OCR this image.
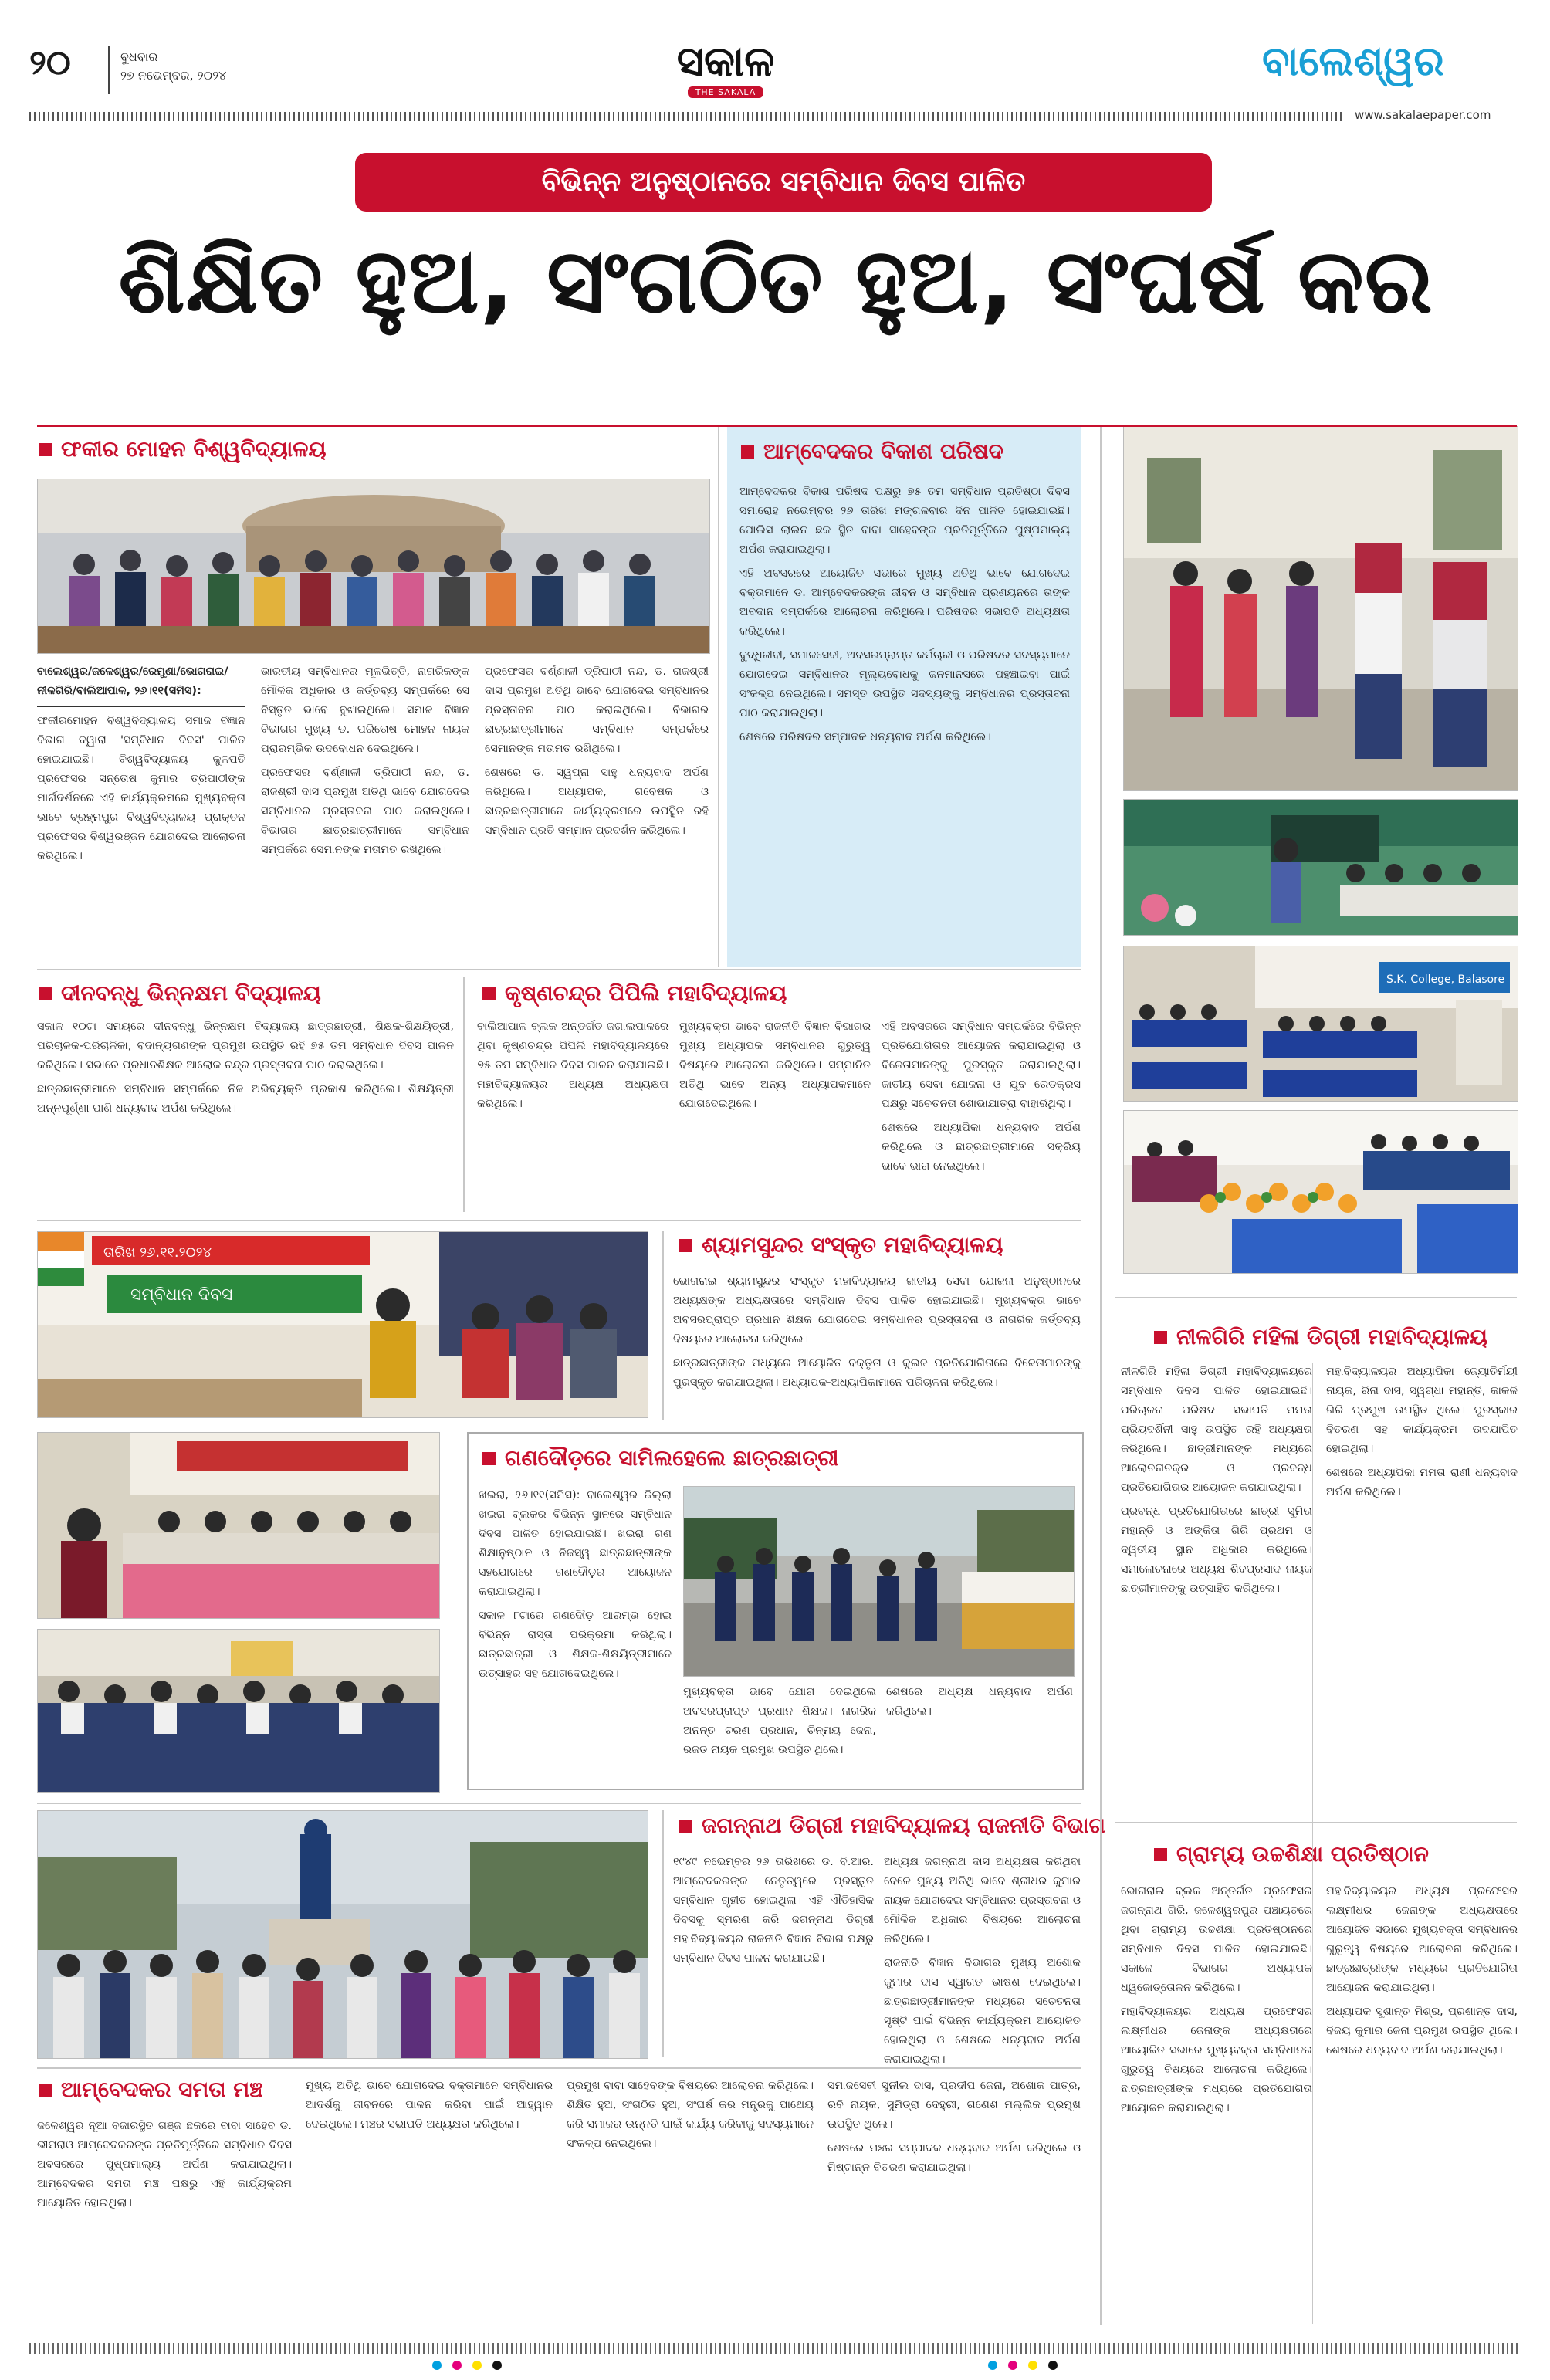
୨୦	ବୁଧବାର
୨୭ ନଭେମ୍ବର, ୨୦୨୪	ସକାଳ
THE SAKALA
ବାଲେଶ୍ୱର
www.sakalaepaper.com
ବିଭିନ୍ନ ଅନୁଷ୍ଠାନରେ ସମ୍ବିଧାନ ଦିବସ ପାଳିତ
ଶିକ୍ଷିତ ହୁଅ, ସଂଗଠିତ ହୁଅ, ସଂଘର୍ଷ କର
ଫକୀର ମୋହନ ବିଶ୍ୱବିଦ୍ୟାଳୟ

ବାଲେଶ୍ୱର/ଜଳେଶ୍ୱର/ରେମୁଣା/ଭୋଗରାଇ/ନୀଳଗିରି/ବାଲିଆପାଳ, ୨୬।୧୧(ସମିସ):

ଫକୀରମୋହନ ବିଶ୍ୱବିଦ୍ୟାଳୟ ସମାଜ ବିଜ୍ଞାନ ବିଭାଗ ଦ୍ୱାରା 'ସମ୍ବିଧାନ ଦିବସ' ପାଳିତ ହୋଇଯାଇଛି। ବିଶ୍ୱବିଦ୍ୟାଳୟ କୁଳପତି ପ୍ରଫେସର ସନ୍ତୋଷ କୁମାର ତ୍ରିପାଠୀଙ୍କ ମାର୍ଗଦର୍ଶନରେ ଏହି କାର୍ଯ୍ୟକ୍ରମରେ ମୁଖ୍ୟବକ୍ତା ଭାବେ ବ୍ରହ୍ମପୁର ବିଶ୍ୱବିଦ୍ୟାଳୟ ପ୍ରାକ୍ତନ ପ୍ରଫେସର ବିଶ୍ୱରଞ୍ଜନ ଯୋଗଦେଇ ଆଲୋଚନା କରିଥିଲେ।

ଭାରତୀୟ ସମ୍ବିଧାନର ମୂଳଭିତ୍ତି, ନାଗରିକଙ୍କ ମୌଳିକ ଅଧିକାର ଓ କର୍ତ୍ତବ୍ୟ ସମ୍ପର୍କରେ ସେ ବିସ୍ତୃତ ଭାବେ ବୁଝାଇଥିଲେ। ସମାଜ ବିଜ୍ଞାନ ବିଭାଗର ମୁଖ୍ୟ ଡ. ପରିତୋଷ ମୋହନ ନାୟକ ପ୍ରାରମ୍ଭିକ ଉଦବୋଧନ ଦେଇଥିଲେ।

ପ୍ରଫେସର ବର୍ଣ୍ଣାଳୀ ତ୍ରିପାଠୀ ନନ୍ଦ, ଡ. ରାଜଶ୍ରୀ ଦାସ ପ୍ରମୁଖ ଅତିଥି ଭାବେ ଯୋଗଦେଇ ସମ୍ବିଧାନର ପ୍ରସ୍ତାବନା ପାଠ କରାଇଥିଲେ। ବିଭାଗର ଛାତ୍ରଛାତ୍ରୀମାନେ ସମ୍ବିଧାନ ସମ୍ପର୍କରେ ସେମାନଙ୍କ ମତାମତ ରଖିଥିଲେ।

ପ୍ରଫେସର ବର୍ଣ୍ଣାଳୀ ତ୍ରିପାଠୀ ନନ୍ଦ, ଡ. ରାଜଶ୍ରୀ ଦାସ ପ୍ରମୁଖ ଅତିଥି ଭାବେ ଯୋଗଦେଇ ସମ୍ବିଧାନର ପ୍ରସ୍ତାବନା ପାଠ କରାଇଥିଲେ। ବିଭାଗର ଛାତ୍ରଛାତ୍ରୀମାନେ ସମ୍ବିଧାନ ସମ୍ପର୍କରେ ସେମାନଙ୍କ ମତାମତ ରଖିଥିଲେ।

ଶେଷରେ ଡ. ସ୍ୱପ୍ନା ସାହୁ ଧନ୍ୟବାଦ ଅର୍ପଣ କରିଥିଲେ। ଅଧ୍ୟାପକ, ଗବେଷକ ଓ ଛାତ୍ରଛାତ୍ରୀମାନେ କାର୍ଯ୍ୟକ୍ରମରେ ଉପସ୍ଥିତ ରହି ସମ୍ବିଧାନ ପ୍ରତି ସମ୍ମାନ ପ୍ରଦର୍ଶନ କରିଥିଲେ।

ଆମ୍ବେଦକର ବିକାଶ ପରିଷଦ

ଆମ୍ବେଦକର ବିକାଶ ପରିଷଦ ପକ୍ଷରୁ ୭୫ ତମ ସମ୍ବିଧାନ ପ୍ରତିଷ୍ଠା ଦିବସ ସମାରୋହ ନଭେମ୍ବର ୨୬ ତାରିଖ ମଙ୍ଗଳବାର ଦିନ ପାଳିତ ହୋଇଯାଇଛି। ପୋଲିସ ଲାଇନ ଛକ ସ୍ଥିତ ବାବା ସାହେବଙ୍କ ପ୍ରତିମୂର୍ତ୍ତିରେ ପୁଷ୍ପମାଲ୍ୟ ଅର୍ପଣ କରାଯାଇଥିଲା।

ଏହି ଅବସରରେ ଆୟୋଜିତ ସଭାରେ ମୁଖ୍ୟ ଅତିଥି ଭାବେ ଯୋଗଦେଇ ବକ୍ତାମାନେ ଡ. ଆମ୍ବେଦକରଙ୍କ ଜୀବନ ଓ ସମ୍ବିଧାନ ପ୍ରଣୟନରେ ତାଙ୍କ ଅବଦାନ ସମ୍ପର୍କରେ ଆଲୋଚନା କରିଥିଲେ। ପରିଷଦର ସଭାପତି ଅଧ୍ୟକ୍ଷତା କରିଥିଲେ।

ବୁଦ୍ଧିଜୀବୀ, ସମାଜସେବୀ, ଅବସରପ୍ରାପ୍ତ କର୍ମଚାରୀ ଓ ପରିଷଦର ସଦସ୍ୟମାନେ ଯୋଗଦେଇ ସମ୍ବିଧାନର ମୂଲ୍ୟବୋଧକୁ ଜନମାନସରେ ପହଞ୍ଚାଇବା ପାଇଁ ସଂକଳ୍ପ ନେଇଥିଲେ। ସମସ୍ତ ଉପସ୍ଥିତ ସଦସ୍ୟଙ୍କୁ ସମ୍ବିଧାନର ପ୍ରସ୍ତାବନା ପାଠ କରାଯାଇଥିଲା।

ଶେଷରେ ପରିଷଦର ସମ୍ପାଦକ ଧନ୍ୟବାଦ ଅର୍ପଣ କରିଥିଲେ।

S.K. College, Balasore
ଦୀନବନ୍ଧୁ ଭିନ୍ନକ୍ଷମ ବିଦ୍ୟାଳୟ

ସକାଳ ୧୦ଟା ସମୟରେ ଦୀନବନ୍ଧୁ ଭିନ୍ନକ୍ଷମ ବିଦ୍ୟାଳୟ ଛାତ୍ରଛାତ୍ରୀ, ଶିକ୍ଷକ-ଶିକ୍ଷୟିତ୍ରୀ, ପରିଚାଳକ-ପରିଚାଳିକା, ବଦାନ୍ୟଗଣଙ୍କ ପ୍ରମୁଖ ଉପସ୍ଥିତି ରହି ୭୫ ତମ ସମ୍ବିଧାନ ଦିବସ ପାଳନ କରିଥିଲେ। ସଭାରେ ପ୍ରଧାନଶିକ୍ଷକ ଆଲୋକ ଚନ୍ଦ୍ର ପ୍ରସ୍ତାବନା ପାଠ କରାଇଥିଲେ।

ଛାତ୍ରଛାତ୍ରୀମାନେ ସମ୍ବିଧାନ ସମ୍ପର୍କରେ ନିଜ ଅଭିବ୍ୟକ୍ତି ପ୍ରକାଶ କରିଥିଲେ। ଶିକ୍ଷୟିତ୍ରୀ ଅନ୍ନପୂର୍ଣ୍ଣା ପାଣି ଧନ୍ୟବାଦ ଅର୍ପଣ କରିଥିଲେ।

କୃଷ୍ଣଚନ୍ଦ୍ର ପିପିଲି ମହାବିଦ୍ୟାଳୟ

ବାଲିଆପାଳ ବ୍ଲକ ଅନ୍ତର୍ଗତ ଜଗାଲପାଳରେ ଥିବା କୃଷ୍ଣଚନ୍ଦ୍ର ପିପିଲି ମହାବିଦ୍ୟାଳୟରେ ୭୫ ତମ ସମ୍ବିଧାନ ଦିବସ ପାଳନ କରାଯାଇଛି। ମହାବିଦ୍ୟାଳୟର ଅଧ୍ୟକ୍ଷ ଅଧ୍ୟକ୍ଷତା କରିଥିଲେ।

ମୁଖ୍ୟବକ୍ତା ଭାବେ ରାଜନୀତି ବିଜ୍ଞାନ ବିଭାଗର ମୁଖ୍ୟ ଅଧ୍ୟାପକ ସମ୍ବିଧାନର ଗୁରୁତ୍ୱ ବିଷୟରେ ଆଲୋଚନା କରିଥିଲେ। ସମ୍ମାନିତ ଅତିଥି ଭାବେ ଅନ୍ୟ ଅଧ୍ୟାପକମାନେ ଯୋଗଦେଇଥିଲେ।

ଏହି ଅବସରରେ ସମ୍ବିଧାନ ସମ୍ପର୍କରେ ବିଭିନ୍ନ ପ୍ରତିଯୋଗିତାର ଆୟୋଜନ କରାଯାଇଥିଲା ଓ ବିଜେତାମାନଙ୍କୁ ପୁରସ୍କୃତ କରାଯାଇଥିଲା। ଜାତୀୟ ସେବା ଯୋଜନା ଓ ଯୁବ ରେଡକ୍ରସ ପକ୍ଷରୁ ସଚେତନତା ଶୋଭାଯାତ୍ରା ବାହାରିଥିଲା।

ଶେଷରେ ଅଧ୍ୟାପିକା ଧନ୍ୟବାଦ ଅର୍ପଣ କରିଥିଲେ ଓ ଛାତ୍ରଛାତ୍ରୀମାନେ ସକ୍ରିୟ ଭାବେ ଭାଗ ନେଇଥିଲେ।

ତାରିଖ ୨୬.୧୧.୨୦୨୪
ସମ୍ବିଧାନ ଦିବସ
ଶ୍ୟାମସୁନ୍ଦର ସଂସ୍କୃତ ମହାବିଦ୍ୟାଳୟ

ଭୋଗରାଇ ଶ୍ୟାମସୁନ୍ଦର ସଂସ୍କୃତ ମହାବିଦ୍ୟାଳୟ ଜାତୀୟ ସେବା ଯୋଜନା ଅନୁଷ୍ଠାନରେ ଅଧ୍ୟକ୍ଷଙ୍କ ଅଧ୍ୟକ୍ଷତାରେ ସମ୍ବିଧାନ ଦିବସ ପାଳିତ ହୋଇଯାଇଛି। ମୁଖ୍ୟବକ୍ତା ଭାବେ ଅବସରପ୍ରାପ୍ତ ପ୍ରଧାନ ଶିକ୍ଷକ ଯୋଗଦେଇ ସମ୍ବିଧାନର ପ୍ରସ୍ତାବନା ଓ ନାଗରିକ କର୍ତ୍ତବ୍ୟ ବିଷୟରେ ଆଲୋଚନା କରିଥିଲେ।

ଛାତ୍ରଛାତ୍ରୀଙ୍କ ମଧ୍ୟରେ ଆୟୋଜିତ ବକ୍ତୃତା ଓ କୁଇଜ ପ୍ରତିଯୋଗିତାରେ ବିଜେତାମାନଙ୍କୁ ପୁରସ୍କୃତ କରାଯାଇଥିଲା। ଅଧ୍ୟାପକ-ଅଧ୍ୟାପିକାମାନେ ପରିଚାଳନା କରିଥିଲେ।

ନୀଳଗିରି ମହିଳା ଡିଗ୍ରୀ ମହାବିଦ୍ୟାଳୟ

ନୀଳଗିରି ମହିଳା ଡିଗ୍ରୀ ମହାବିଦ୍ୟାଳୟରେ ସମ୍ବିଧାନ ଦିବସ ପାଳିତ ହୋଇଯାଇଛି। ପରିଚାଳନା ପରିଷଦ ସଭାପତି ମମତା ପ୍ରିୟଦର୍ଶିନୀ ସାହୁ ଉପସ୍ଥିତ ରହି ଅଧ୍ୟକ୍ଷତା କରିଥିଲେ। ଛାତ୍ରୀମାନଙ୍କ ମଧ୍ୟରେ ଆଲୋଚନାଚକ୍ର ଓ ପ୍ରବନ୍ଧ ପ୍ରତିଯୋଗିତାର ଆୟୋଜନ କରାଯାଇଥିଲା।

ପ୍ରବନ୍ଧ ପ୍ରତିଯୋଗିତାରେ ଛାତ୍ରୀ ସୁମିତା ମହାନ୍ତି ଓ ଅଙ୍କିତା ଗିରି ପ୍ରଥମ ଓ ଦ୍ୱିତୀୟ ସ୍ଥାନ ଅଧିକାର କରିଥିଲେ। ସମାଲୋଚନାରେ ଅଧ୍ୟକ୍ଷ ଶିବପ୍ରସାଦ ନାୟକ ଛାତ୍ରୀମାନଙ୍କୁ ଉତ୍ସାହିତ କରିଥିଲେ।

ମହାବିଦ୍ୟାଳୟର ଅଧ୍ୟାପିକା ଜ୍ୟୋତିର୍ମୟୀ ନାୟକ, ରିନା ଦାସ, ସ୍ୱଗ୍ଧା ମହାନ୍ତି, କାକଳି ଗିରି ପ୍ରମୁଖ ଉପସ୍ଥିତ ଥିଲେ। ପୁରସ୍କାର ବିତରଣ ସହ କାର୍ଯ୍ୟକ୍ରମ ଉଦଯାପିତ ହୋଇଥିଲା।

ଶେଷରେ ଅଧ୍ୟାପିକା ମମତା ରାଣୀ ଧନ୍ୟବାଦ ଅର୍ପଣ କରିଥିଲେ।

ଗଣଦୌଡ଼ରେ ସାମିଲହେଲେ ଛାତ୍ରଛାତ୍ରୀ

ଖଇରା, ୨୬।୧୧(ସମିସ): ବାଲେଶ୍ୱର ଜିଲ୍ଲା ଖଇରା ବ୍ଲକର ବିଭିନ୍ନ ସ୍ଥାନରେ ସମ୍ବିଧାନ ଦିବସ ପାଳିତ ହୋଇଯାଇଛି। ଖଇରା ଗଣ ଶିକ୍ଷାନୁଷ୍ଠାନ ଓ ନିଜସ୍ୱ ଛାତ୍ରଛାତ୍ରୀଙ୍କ ସହଯୋଗରେ ଗଣଦୌଡ଼ର ଆୟୋଜନ କରାଯାଇଥିଲା।

ସକାଳ ୮ଟାରେ ଗଣଦୌଡ଼ ଆରମ୍ଭ ହୋଇ ବିଭିନ୍ନ ରାସ୍ତା ପରିକ୍ରମା କରିଥିଲା। ଛାତ୍ରଛାତ୍ରୀ ଓ ଶିକ୍ଷକ-ଶିକ୍ଷୟିତ୍ରୀମାନେ ଉତ୍ସାହର ସହ ଯୋଗଦେଇଥିଲେ।

ମୁଖ୍ୟବକ୍ତା ଭାବେ ଯୋଗ ଦେଇଥିଲେ ଅବସରପ୍ରାପ୍ତ ପ୍ରଧାନ ଶିକ୍ଷକ। ନାଗରିକ ଅନନ୍ତ ଚରଣ ପ୍ରଧାନ, ଚିନ୍ମୟ ଜେନା, ରଜତ ନାୟକ ପ୍ରମୁଖ ଉପସ୍ଥିତ ଥିଲେ।

ଶେଷରେ ଅଧ୍ୟକ୍ଷ ଧନ୍ୟବାଦ ଅର୍ପଣ କରିଥିଲେ।

ଜଗନ୍ନାଥ ଡିଗ୍ରୀ ମହାବିଦ୍ୟାଳୟ ରାଜନୀତି ବିଭାଗ

୧୯୪୯ ନଭେମ୍ବର ୨୬ ତାରିଖରେ ଡ. ବି.ଆର. ଆମ୍ବେଦକରଙ୍କ ନେତୃତ୍ୱରେ ପ୍ରସ୍ତୁତ ସମ୍ବିଧାନ ଗୃହୀତ ହୋଇଥିଲା। ଏହି ଐତିହାସିକ ଦିବସକୁ ସ୍ମରଣ କରି ଜଗନ୍ନାଥ ଡିଗ୍ରୀ ମହାବିଦ୍ୟାଳୟର ରାଜନୀତି ବିଜ୍ଞାନ ବିଭାଗ ପକ୍ଷରୁ ସମ୍ବିଧାନ ଦିବସ ପାଳନ କରାଯାଇଛି।

ଅଧ୍ୟକ୍ଷ ଜଗନ୍ନାଥ ଦାସ ଅଧ୍ୟକ୍ଷତା କରିଥିବା ବେଳେ ମୁଖ୍ୟ ଅତିଥି ଭାବେ ଶ୍ରୀଧର କୁମାର ନାୟକ ଯୋଗଦେଇ ସମ୍ବିଧାନର ପ୍ରସ୍ତାବନା ଓ ମୌଳିକ ଅଧିକାର ବିଷୟରେ ଆଲୋଚନା କରିଥିଲେ।

ରାଜନୀତି ବିଜ୍ଞାନ ବିଭାଗର ମୁଖ୍ୟ ଅଶୋକ କୁମାର ଦାସ ସ୍ୱାଗତ ଭାଷଣ ଦେଇଥିଲେ। ଛାତ୍ରଛାତ୍ରୀମାନଙ୍କ ମଧ୍ୟରେ ସଚେତନତା ସୃଷ୍ଟି ପାଇଁ ବିଭିନ୍ନ କାର୍ଯ୍ୟକ୍ରମ ଆୟୋଜିତ ହୋଇଥିଲା ଓ ଶେଷରେ ଧନ୍ୟବାଦ ଅର୍ପଣ କରାଯାଇଥିଲା।

ଗ୍ରାମ୍ୟ ଉଚ୍ଚଶିକ୍ଷା ପ୍ରତିଷ୍ଠାନ

ଭୋଗରାଇ ବ୍ଲକ ଅନ୍ତର୍ଗତ ପ୍ରଫେସର ଜଗନ୍ନାଥ ଗିରି, ଜଳେଶ୍ୱରପୁର ପଞ୍ଚାୟତରେ ଥିବା ଗ୍ରାମ୍ୟ ଉଚ୍ଚଶିକ୍ଷା ପ୍ରତିଷ୍ଠାନରେ ସମ୍ବିଧାନ ଦିବସ ପାଳିତ ହୋଇଯାଇଛି। ସକାଳେ ବିଭାଗର ଅଧ୍ୟାପକ ଧ୍ୱଜୋତ୍ତୋଳନ କରିଥିଲେ।

ମହାବିଦ୍ୟାଳୟର ଅଧ୍ୟକ୍ଷ ପ୍ରଫେସର ଲକ୍ଷ୍ମୀଧର ଜେନାଙ୍କ ଅଧ୍ୟକ୍ଷତାରେ ଆୟୋଜିତ ସଭାରେ ମୁଖ୍ୟବକ୍ତା ସମ୍ବିଧାନର ଗୁରୁତ୍ୱ ବିଷୟରେ ଆଲୋଚନା କରିଥିଲେ। ଛାତ୍ରଛାତ୍ରୀଙ୍କ ମଧ୍ୟରେ ପ୍ରତିଯୋଗିତା ଆୟୋଜନ କରାଯାଇଥିଲା।

ମହାବିଦ୍ୟାଳୟର ଅଧ୍ୟକ୍ଷ ପ୍ରଫେସର ଲକ୍ଷ୍ମୀଧର ଜେନାଙ୍କ ଅଧ୍ୟକ୍ଷତାରେ ଆୟୋଜିତ ସଭାରେ ମୁଖ୍ୟବକ୍ତା ସମ୍ବିଧାନର ଗୁରୁତ୍ୱ ବିଷୟରେ ଆଲୋଚନା କରିଥିଲେ। ଛାତ୍ରଛାତ୍ରୀଙ୍କ ମଧ୍ୟରେ ପ୍ରତିଯୋଗିତା ଆୟୋଜନ କରାଯାଇଥିଲା।

ଅଧ୍ୟାପକ ସୁଶାନ୍ତ ମିଶ୍ର, ପ୍ରଶାନ୍ତ ଦାସ, ବିଜୟ କୁମାର ଜେନା ପ୍ରମୁଖ ଉପସ୍ଥିତ ଥିଲେ। ଶେଷରେ ଧନ୍ୟବାଦ ଅର୍ପଣ କରାଯାଇଥିଲା।

ଆମ୍ବେଦକର ସମତା ମଞ୍ଚ

ଜଳେଶ୍ୱର ନୂଆ ବଜାରସ୍ଥିତ ଗଞ୍ଜ ଛକରେ ବାବା ସାହେବ ଡ. ଭୀମରାଓ ଆମ୍ବେଦକରଙ୍କ ପ୍ରତିମୂର୍ତ୍ତିରେ ସମ୍ବିଧାନ ଦିବସ ଅବସରରେ ପୁଷ୍ପମାଲ୍ୟ ଅର୍ପଣ କରାଯାଇଥିଲା। ଆମ୍ବେଦକର ସମତା ମଞ୍ଚ ପକ୍ଷରୁ ଏହି କାର୍ଯ୍ୟକ୍ରମ ଆୟୋଜିତ ହୋଇଥିଲା।

ମୁଖ୍ୟ ଅତିଥି ଭାବେ ଯୋଗଦେଇ ବକ୍ତାମାନେ ସମ୍ବିଧାନର ଆଦର୍ଶକୁ ଜୀବନରେ ପାଳନ କରିବା ପାଇଁ ଆହ୍ୱାନ ଦେଇଥିଲେ। ମଞ୍ଚର ସଭାପତି ଅଧ୍ୟକ୍ଷତା କରିଥିଲେ।

ପ୍ରମୁଖ ବାବା ସାହେବଙ୍କ ବିଷୟରେ ଆଲୋଚନା କରିଥିଲେ। ଶିକ୍ଷିତ ହୁଅ, ସଂଗଠିତ ହୁଅ, ସଂଘର୍ଷ କର ମନ୍ତ୍ରକୁ ପାଥେୟ କରି ସମାଜର ଉନ୍ନତି ପାଇଁ କାର୍ଯ୍ୟ କରିବାକୁ ସଦସ୍ୟମାନେ ସଂକଳ୍ପ ନେଇଥିଲେ।

ସମାଜସେବୀ ସୁନୀଲ ଦାସ, ପ୍ରଦୀପ ଜେନା, ଅଶୋକ ପାତ୍ର, ରବି ନାୟକ, ସୁମିତ୍ରା ଦେହୁରୀ, ଗଣେଶ ମଲ୍ଲିକ ପ୍ରମୁଖ ଉପସ୍ଥିତ ଥିଲେ।

ଶେଷରେ ମଞ୍ଚର ସମ୍ପାଦକ ଧନ୍ୟବାଦ ଅର୍ପଣ କରିଥିଲେ ଓ ମିଷ୍ଟାନ୍ନ ବିତରଣ କରାଯାଇଥିଲା।
